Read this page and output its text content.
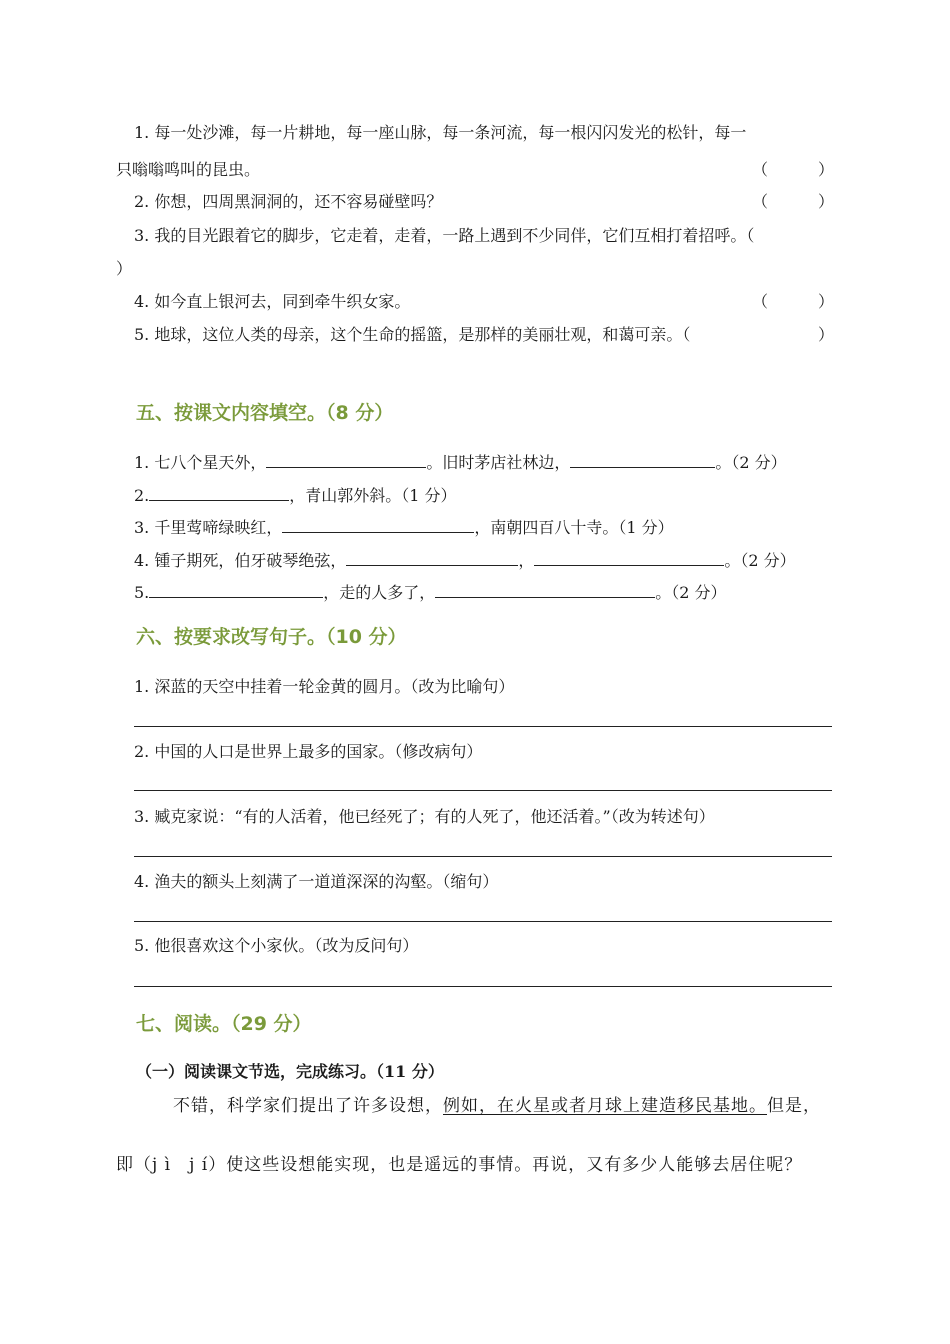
1. 每一处沙滩，每一片耕地，每一座山脉，每一条河流，每一根闪闪发光的松针，每一
只嗡嗡鸣叫的昆虫。	（	）
2. 你想，四周黑洞洞的，还不容易碰壁吗？	（	）
3. 我的目光跟着它的脚步，它走着，走着，一路上遇到不少同伴，它们互相打着招呼。（
）
4. 如今直上银河去，同到牵牛织女家。	（	）
5. 地球，这位人类的母亲，这个生命的摇篮，是那样的美丽壮观，和蔼可亲。（	）
五、按课文内容填空。（8 分）
1. 七八个星天外，	。旧时茅店社林边，	。（2 分）
2.	，青山郭外斜。（1 分）
3. 千里莺啼绿映红，	，南朝四百八十寺。（1 分）
4. 锺子期死，伯牙破琴绝弦，	，	。（2 分）
5.	，走的人多了，	。（2 分）
六、按要求改写句子。（10 分）
1. 深蓝的天空中挂着一轮金黄的圆月。（改为比喻句）
2. 中国的人口是世界上最多的国家。（修改病句）
3. 臧克家说：“有的人活着，他已经死了；有的人死了，他还活着。”（改为转述句）
4. 渔夫的额头上刻满了一道道深深的沟壑。（缩句）
5. 他很喜欢这个小家伙。（改为反问句）
七、阅读。（29 分）
（一）阅读课文节选，完成练习。（11 分）
不错，科学家们提出了许多设想，例如，在火星或者月球上建造移民基地。但是，
即（j ì　j í）使这些设想能实现，也是遥远的事情。再说，又有多少人能够去居住呢？
